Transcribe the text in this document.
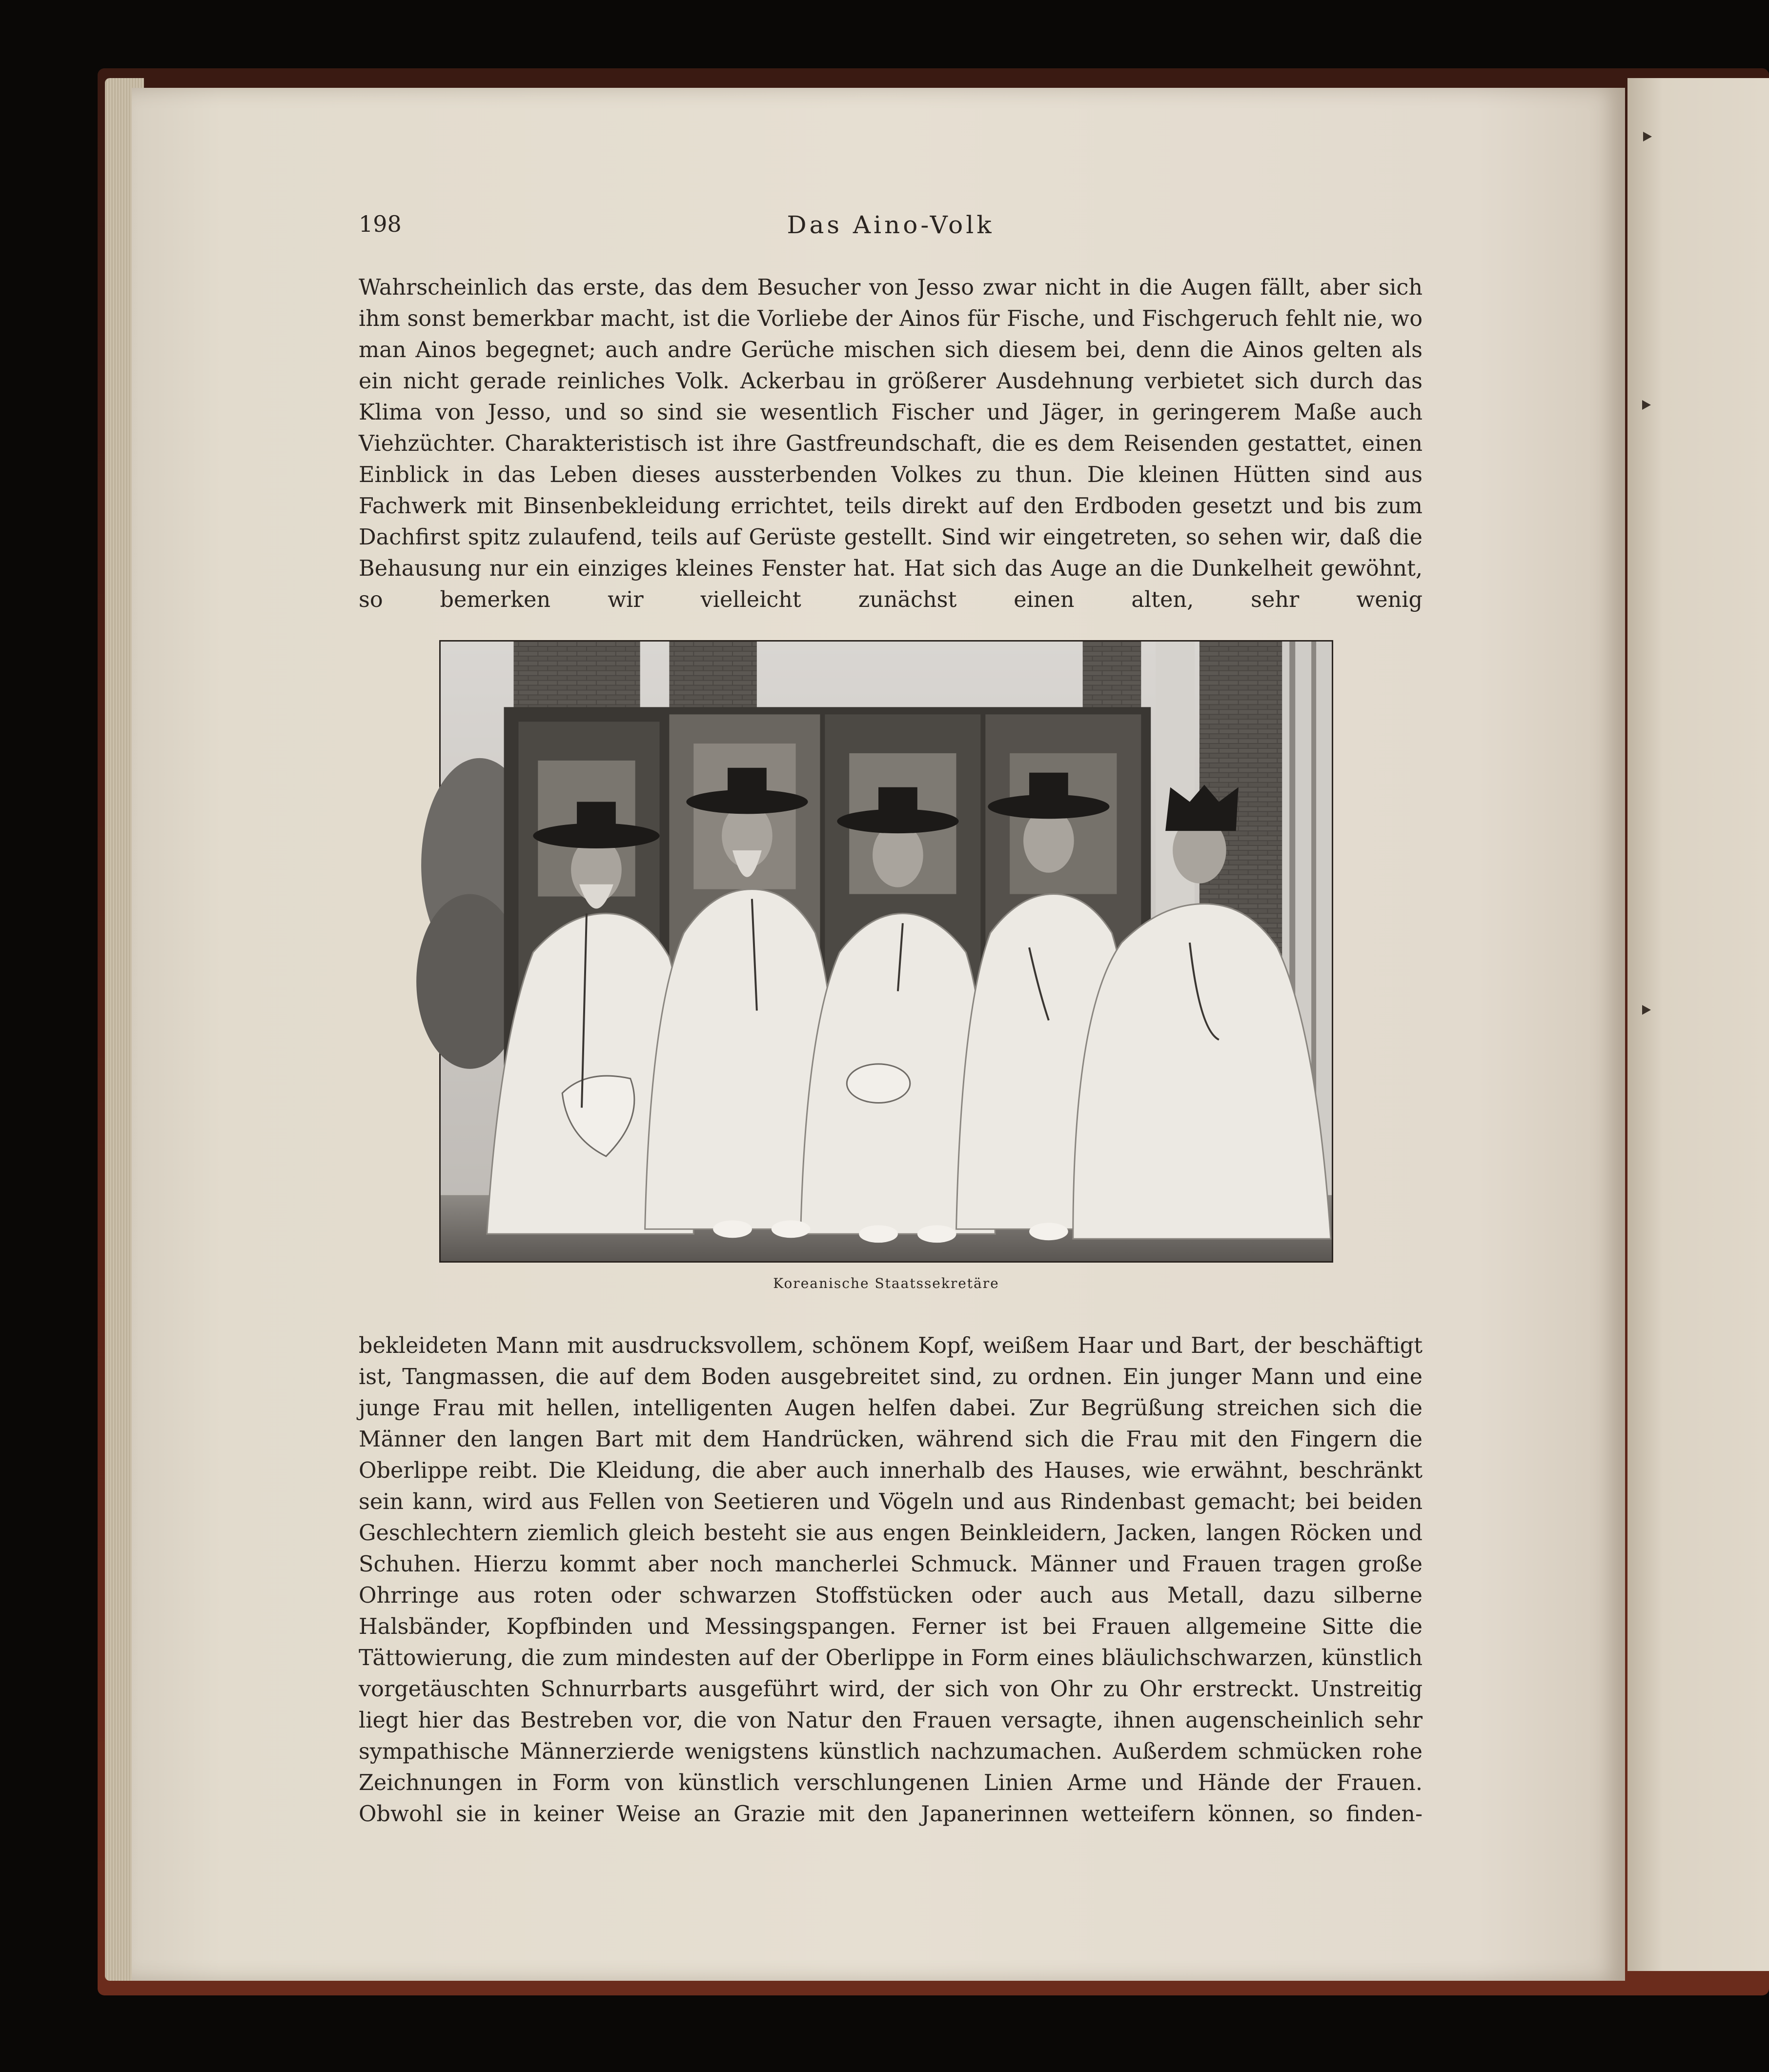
198	Das Aino-Volk

Wahrscheinlich das erste, das dem Besucher von Jesso zwar nicht in die Augen fällt, aber sich ihm sonst bemerkbar macht, ist die Vorliebe der Ainos für Fische, und Fischgeruch fehlt nie, wo man Ainos begegnet; auch andre Gerüche mischen sich diesem bei, denn die Ainos gelten als ein nicht gerade reinliches Volk. Ackerbau in größerer Ausdehnung verbietet sich durch das Klima von Jesso, und so sind sie wesentlich Fischer und Jäger, in geringerem Maße auch Viehzüchter. Charakteristisch ist ihre Gastfreundschaft, die es dem Reisenden gestattet, einen Einblick in das Leben dieses aussterbenden Volkes zu thun. Die kleinen Hütten sind aus Fachwerk mit Binsenbekleidung errichtet, teils direkt auf den Erdboden gesetzt und bis zum Dachfirst spitz zulaufend, teils auf Gerüste gestellt. Sind wir eingetreten, so sehen wir, daß die Behausung nur ein einziges kleines Fenster hat. Hat sich das Auge an die Dunkelheit gewöhnt, so bemerken wir vielleicht zunächst einen alten, sehr wenig

Koreanische Staatssekretäre

bekleideten Mann mit ausdrucksvollem, schönem Kopf, weißem Haar und Bart, der beschäftigt ist, Tangmassen, die auf dem Boden ausgebreitet sind, zu ordnen. Ein junger Mann und eine junge Frau mit hellen, intelligenten Augen helfen dabei. Zur Begrüßung streichen sich die Männer den langen Bart mit dem Handrücken, während sich die Frau mit den Fingern die Oberlippe reibt. Die Kleidung, die aber auch innerhalb des Hauses, wie erwähnt, beschränkt sein kann, wird aus Fellen von Seetieren und Vögeln und aus Rindenbast gemacht; bei beiden Geschlechtern ziemlich gleich besteht sie aus engen Beinkleidern, Jacken, langen Röcken und Schuhen. Hierzu kommt aber noch mancherlei Schmuck. Männer und Frauen tragen große Ohrringe aus roten oder schwarzen Stoffstücken oder auch aus Metall, dazu silberne Halsbänder, Kopfbinden und Messingspangen. Ferner ist bei Frauen allgemeine Sitte die Tättowierung, die zum mindesten auf der Oberlippe in Form eines bläulichschwarzen, künstlich vorgetäuschten Schnurrbarts ausgeführt wird, der sich von Ohr zu Ohr erstreckt. Unstreitig liegt hier das Bestreben vor, die von Natur den Frauen versagte, ihnen augenscheinlich sehr sympathische Männerzierde wenigstens künstlich nachzumachen. Außerdem schmücken rohe Zeichnungen in Form von künstlich verschlungenen Linien Arme und Hände der Frauen. Obwohl sie in keiner Weise an Grazie mit den Japanerinnen wetteifern können, so finden-
